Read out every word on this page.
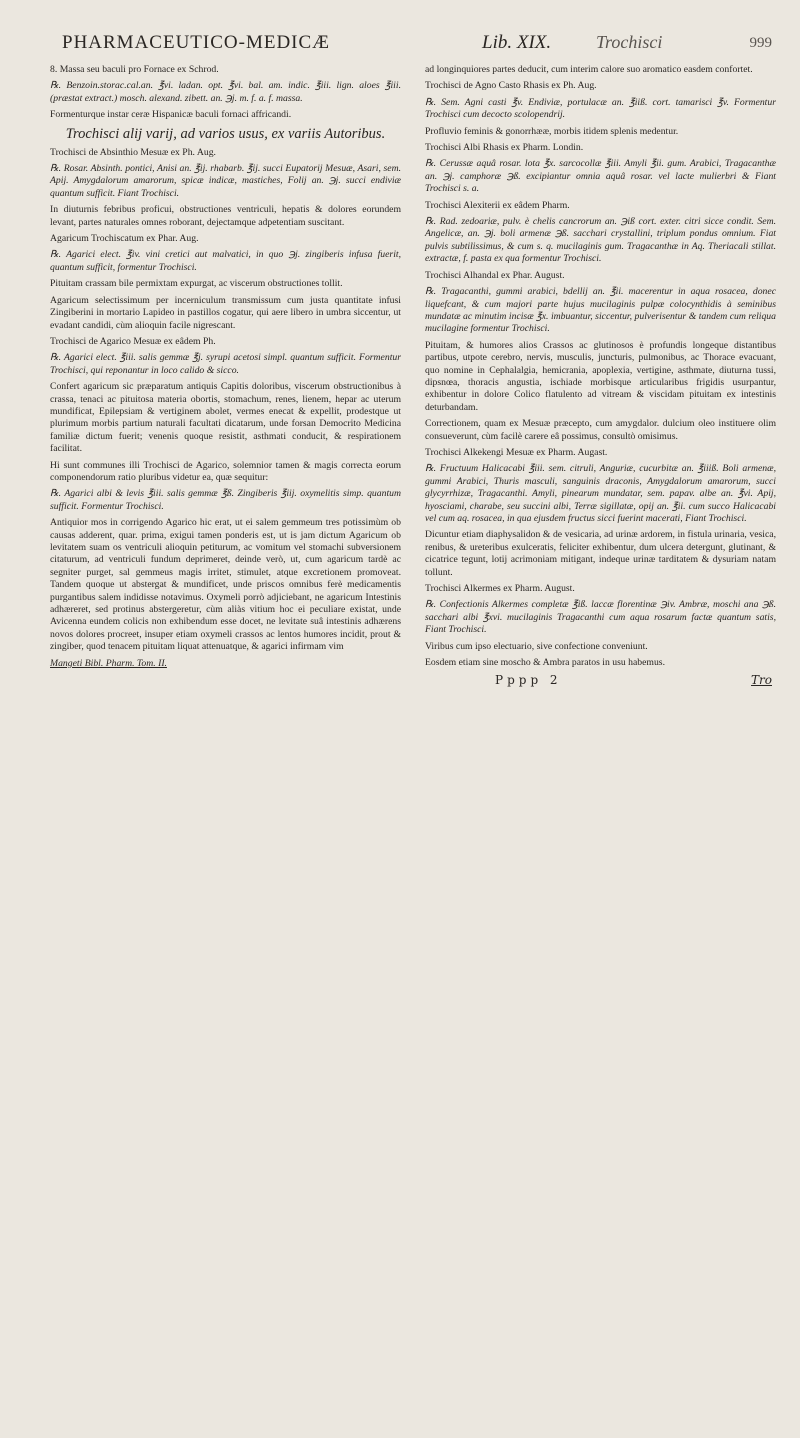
PHARMACEUTICO-MEDICÆ	Lib. XIX. Trochisci	999

8. Massa seu baculi pro Fornace ex Schrod.

℞. Benzoin.storac.cal.an. ℥vi. ladan. opt. ℥vi. bal. am. indic. ℥iii. lign. aloes ℥iii. (præstat extract.) mosch. alexand. zibett. an. ℈j. m. f. a. f. massa.

Formenturque instar ceræ Hispanicæ baculi fornaci affricandi.

Trochisci alij varij, ad varios usus, ex variis Autoribus.

Trochisci de Absinthio Mesuæ ex Ph. Aug.

℞. Rosar. Absinth. pontici, Anisi an. ℥ij. rhabarb. ℥ij. succi Eupatorij Mesuæ, Asari, sem. Apij. Amygdalorum amarorum, spicæ indicæ, mastiches, Folij an. ℈j. succi endiviæ quantum sufficit. Fiant Trochisci.

In diuturnis febribus proficui, obstructiones ventriculi, hepatis & dolores eorundem levant, partes naturales omnes roborant, dejectamque adpetentiam suscitant.

Agaricum Trochiscatum ex Phar. Aug.

℞. Agarici elect. ℥iv. vini cretici aut malvatici, in quo ℈j. zingiberis infusa fuerit, quantum sufficit, formentur Trochisci.

Pituitam crassam bile permixtam expurgat, ac viscerum obstructiones tollit.

Agaricum selectissimum per incerniculum transmissum cum justa quantitate infusi Zingiberini in mortario Lapideo in pastillos cogatur, qui aere libero in umbra siccentur, ut evadant candidi, cùm alioquin facile nigrescant.

Trochisci de Agarico Mesuæ ex eâdem Ph.

℞. Agarici elect. ℥iii. salis gemmæ ℥j. syrupi acetosi simpl. quantum sufficit. Formentur Trochisci, qui reponantur in loco calido & sicco.

Confert agaricum sic præparatum antiquis Capitis doloribus, viscerum obstructionibus à crassa, tenaci ac pituitosa materia obortis, stomachum, renes, lienem, hepar ac uterum mundificat, Epilepsiam & vertiginem abolet, vermes enecat & expellit, prodestque ut plurimum morbis partium naturali facultati dicatarum, unde forsan Democrito Medicina familiæ dictum fuerit; venenis quoque resistit, asthmati conducit, & respirationem facilitat.

Hi sunt communes illi Trochisci de Agarico, solemnior tamen & magis correcta eorum componendorum ratio pluribus videtur ea, quæ sequitur:

℞. Agarici albi & levis ℥iii. salis gemmæ ℥ß. Zingiberis ℥iij. oxymelitis simp. quantum sufficit. Formentur Trochisci.

Antiquior mos in corrigendo Agarico hic erat, ut ei salem gemmeum tres potissimùm ob causas adderent, quar. prima, exigui tamen ponderis est, ut is jam dictum Agaricum ob levitatem suam os ventriculi alioquin petiturum, ac vomitum vel stomachi subversionem citaturum, ad ventriculi fundum deprimeret, deinde verò, ut, cum agaricum tardè ac segniter purget, sal gemmeus magis irritet, stimulet, atque excretionem promoveat. Tandem quoque ut abstergat & mundificet, unde priscos omnibus ferè medicamentis purgantibus salem indidisse notavimus. Oxymeli porrò adjiciebant, ne agaricum Intestinis adhæreret, sed protinus abstergeretur, cùm aliàs vitium hoc ei peculiare existat, unde Avicenna eundem colicis non exhibendum esse docet, ne levitate suâ intestinis adhærens novos dolores procreet, insuper etiam oxymeli crassos ac lentos humores incidit, prout & zingiber, quod tenacem pituitam liquat attenuatque, & agarici infirmam vim

Mangeti Bibl. Pharm. Tom. II.

ad longinquiores partes deducit, cum interim calore suo aromatico easdem confortet.

Trochisci de Agno Casto Rhasis ex Ph. Aug.

℞. Sem. Agni casti ℥v. Endiviæ, portulacæ an. ℥iiß. cort. tamarisci ℥v. Formentur Trochisci cum decocto scolopendrij.

Profluvio feminis & gonorrhææ, morbis itidem splenis medentur.

Trochisci Albi Rhasis ex Pharm. Londin.

℞. Cerussæ aquâ rosar. lota ℥x. sarcocollæ ℥iii. Amyli ℥ii. gum. Arabici, Tragacanthæ an. ℈j. camphoræ ℈ß. excipiantur omnia aquâ rosar. vel lacte mulierbri & Fiant Trochisci s. a.

Trochisci Alexiterii ex eâdem Pharm.

℞. Rad. zedoariæ, pulv. è chelis cancrorum an. ℈iß cort. exter. citri sicce condit. Sem. Angelicæ, an. ℈j. boli armenæ ℈ß. sacchari crystallini, triplum pondus omnium. Fiat pulvis subtilissimus, & cum s. q. mucilaginis gum. Tragacanthæ in Aq. Theriacali stillat. extractæ, f. pasta ex qua formentur Trochisci.

Trochisci Alhandal ex Phar. August.

℞. Tragacanthi, gummi arabici, bdellij an. ℥ii. macerentur in aqua rosacea, donec liquefcant, & cum majori parte hujus mucilaginis pulpæ colocynthidis à seminibus mundatæ ac minutim incisæ ℥x. imbuantur, siccentur, pulverisentur & tandem cum reliqua mucilagine formentur Trochisci.

Pituitam, & humores alios Crassos ac glutinosos è profundis longeque distantibus partibus, utpote cerebro, nervis, musculis, juncturis, pulmonibus, ac Thorace evacuant, quo nomine in Cephalalgia, hemicrania, apoplexia, vertigine, asthmate, diuturna tussi, dipsnœa, thoracis angustia, ischiade morbisque articularibus frigidis usurpantur, exhibentur in dolore Colico flatulento ad vitream & viscidam pituitam ex intestinis deturbandam.

Correctionem, quam ex Mesuæ præcepto, cum amygdalor. dulcium oleo instituere olim consueverunt, cùm facilè carere eâ possimus, consultò omisimus.

Trochisci Alkekengi Mesuæ ex Pharm. Augast.

℞. Fructuum Halicacabi ℥iii. sem. citruli, Anguriæ, cucurbitæ an. ℥iiiß. Boli armenæ, gummi Arabici, Thuris masculi, sanguinis draconis, Amygdalorum amarorum, succi glycyrrhizæ, Tragacanthi. Amyli, pinearum mundatar, sem. papav. albe an. ℥vi. Apij, hyosciami, charabe, seu succini albi, Terræ sigillatæ, opij an. ℥ii. cum succo Halicacabi vel cum aq. rosacea, in qua ejusdem fructus sicci fuerint macerati, Fiant Trochisci.

Dicuntur etiam diaphysalidon & de vesicaria, ad urinæ ardorem, in fistula urinaria, vesica, renibus, & ureteribus exulceratis, feliciter exhibentur, dum ulcera detergunt, glutinant, & cicatrice tegunt, lotij acrimoniam mitigant, indeque urinæ tarditatem & dysuriam natam tollunt.

Trochisci Alkermes ex Pharm. August.

℞. Confectionis Alkermes completæ ℥iß. laccæ florentinæ ℈iv. Ambræ, moschi ana ℈ß. sacchari albi ℥xvi. mucilaginis Tragacanthi cum aqua rosarum factæ quantum satis, Fiant Trochisci.

Viribus cum ipso electuario, sive confectione conveniunt.

Eosdem etiam sine moscho & Ambra paratos in usu habemus.

Pppp 2	Tro
